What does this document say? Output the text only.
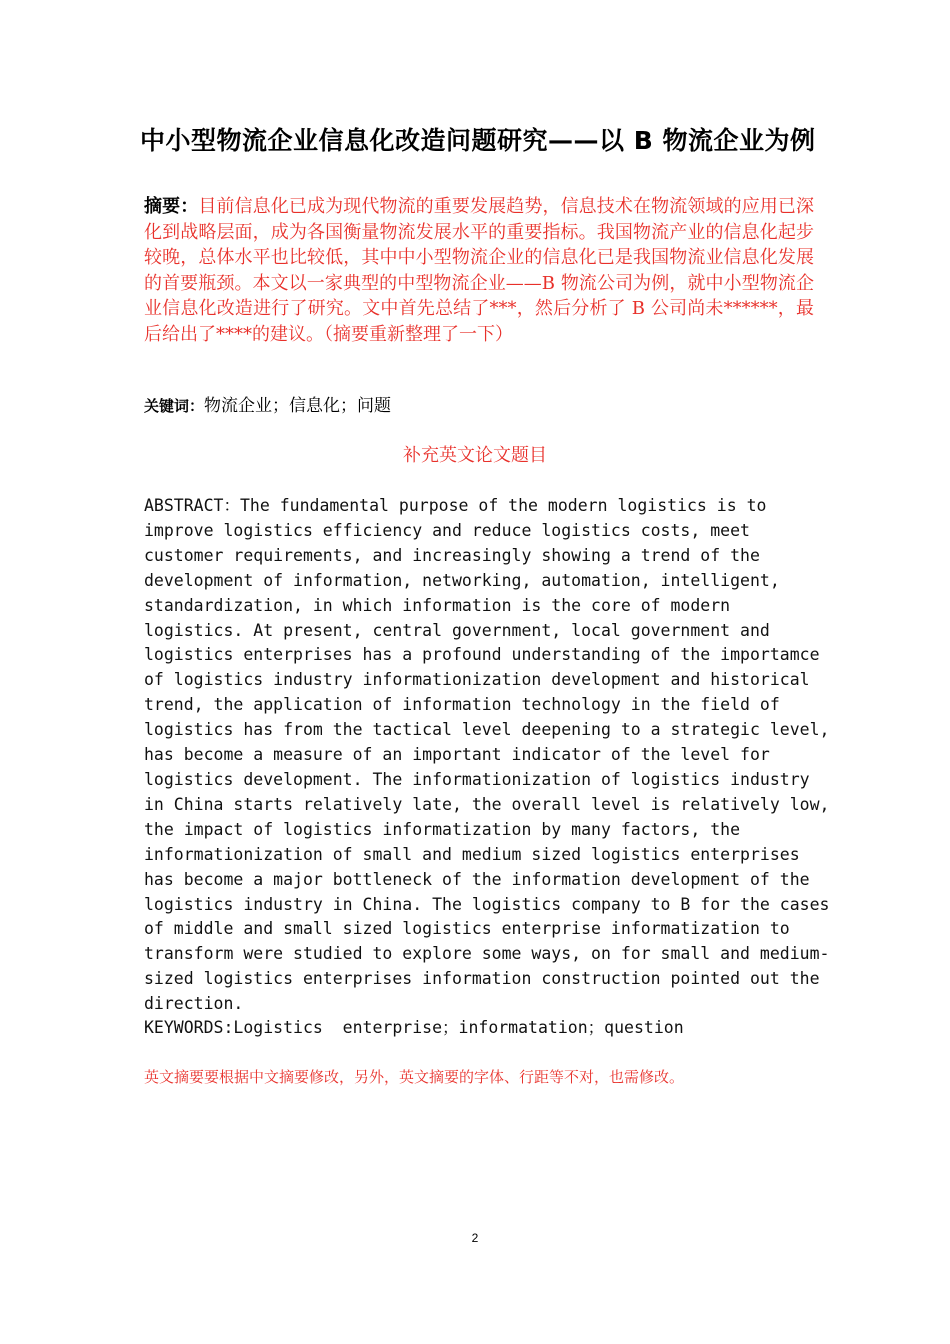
中小型物流企业信息化改造问题研究——以 B 物流企业为例
摘要：目前信息化已成为现代物流的重要发展趋势，信息技术在物流领域的应用已深化到战略层面，成为各国衡量物流发展水平的重要指标。我国物流产业的信息化起步较晚，总体水平也比较低，其中中小型物流企业的信息化已是我国物流业信息化发展的首要瓶颈。本文以一家典型的中型物流企业——B 物流公司为例，就中小型物流企业信息化改造进行了研究。文中首先总结了***，然后分析了 B 公司尚未******，最后给出了****的建议。（摘要重新整理了一下）
关键词：物流企业；信息化；问题
补充英文论文题目
ABSTRACT：The fundamental purpose of the modern logistics is to
improve logistics efficiency and reduce logistics costs, meet
customer requirements, and increasingly showing a trend of the
development of information, networking, automation, intelligent,
standardization, in which information is the core of modern
logistics. At present, central government, local government and
logistics enterprises has a profound understanding of the importamce
of logistics industry informationization development and historical
trend, the application of information technology in the field of
logistics has from the tactical level deepening to a strategic level,
has become a measure of an important indicator of the level for
logistics development. The informationization of logistics industry
in China starts relatively late, the overall level is relatively low,
the impact of logistics informatization by many factors, the
informationization of small and medium sized logistics enterprises
has become a major bottleneck of the information development of the
logistics industry in China. The logistics company to B for the cases
of middle and small sized logistics enterprise informatization to
transform were studied to explore some ways, on for small and medium-
sized logistics enterprises information construction pointed out the
direction.
KEYWORDS:Logistics  enterprise；informatation；question
英文摘要要根据中文摘要修改，另外，英文摘要的字体、行距等不对，也需修改。
2
